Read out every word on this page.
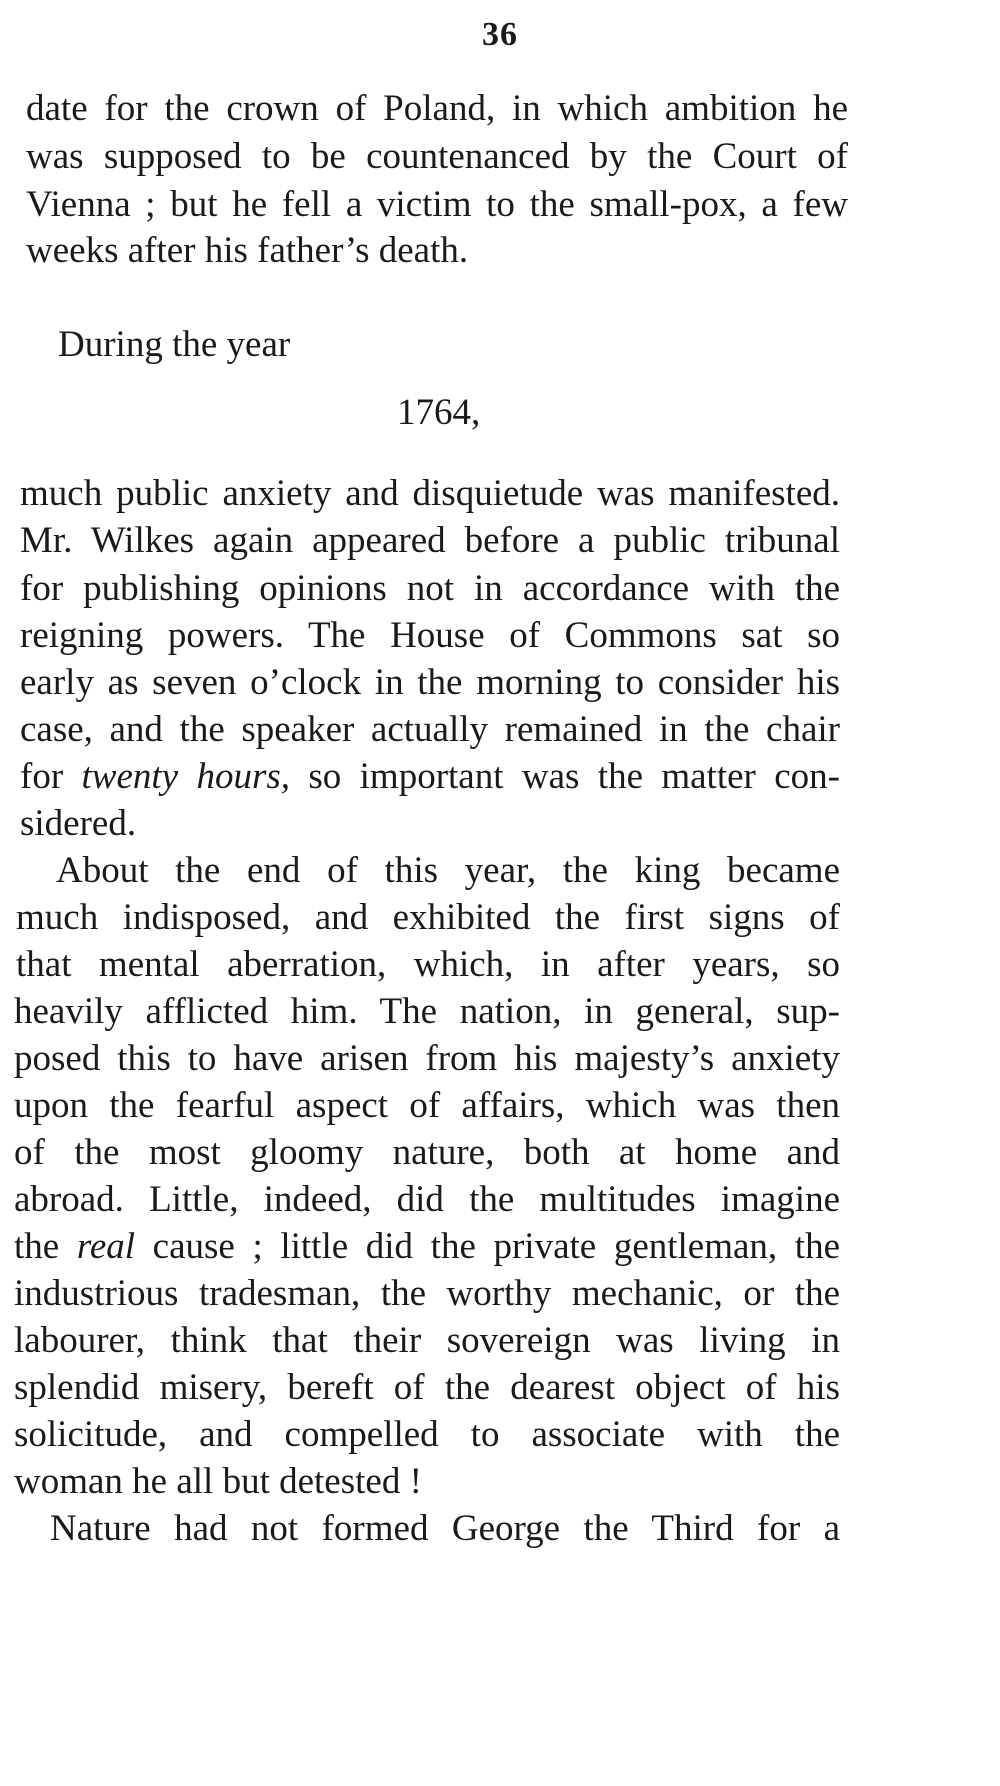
36
date for the crown of Poland, in which ambition he
was supposed to be countenanced by the Court of
Vienna ; but he fell a victim to the small-pox, a few
weeks after his father’s death.
During the year
1764,
much public anxiety and disquietude was manifested.
Mr. Wilkes again appeared before a public tribunal
for publishing opinions not in accordance with the
reigning powers. The House of Commons sat so
early as seven o’clock in the morning to consider his
case, and the speaker actually remained in the chair
for twenty hours, so important was the matter con-
sidered.
About the end of this year, the king became
much indisposed, and exhibited the first signs of
that mental aberration, which, in after years, so
heavily afflicted him. The nation, in general, sup-
posed this to have arisen from his majesty’s anxiety
upon the fearful aspect of affairs, which was then
of the most gloomy nature, both at home and
abroad. Little, indeed, did the multitudes imagine
the real cause ; little did the private gentleman, the
industrious tradesman, the worthy mechanic, or the
labourer, think that their sovereign was living in
splendid misery, bereft of the dearest object of his
solicitude, and compelled to associate with the
woman he all but detested !
Nature had not formed George the Third for a
